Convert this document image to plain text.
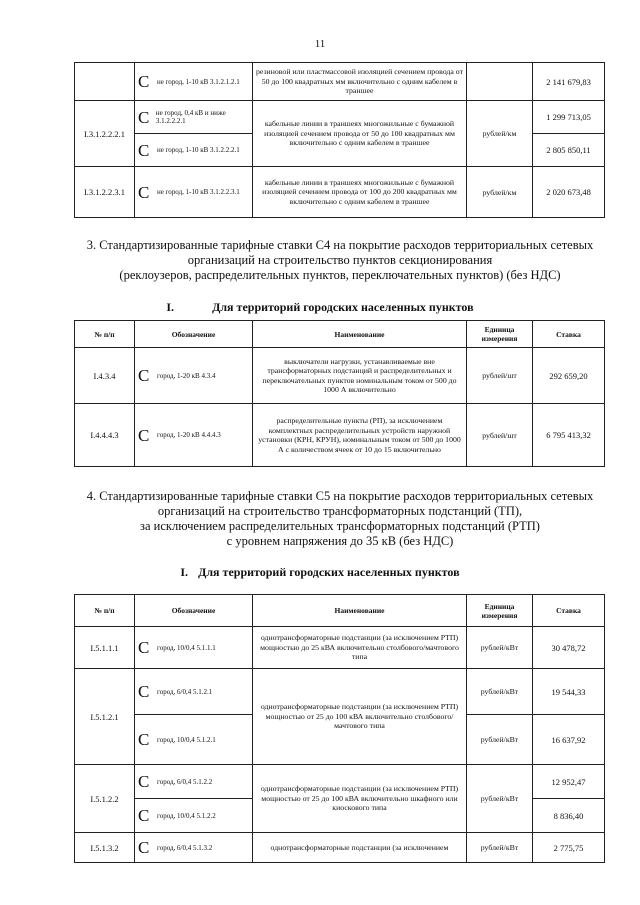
11

	C не город, 1-10 кВ 3.1.2.1.2.1	резиновой или пластмассовой изоляцией сечением провода от 50 до 100 квадратных мм включительно с одним кабелем в траншее		2 141 679,83
I.3.1.2.2.2.1	C не город, 0,4 кВ и ниже 3.1.2.2.2.1	кабельные линии в траншеях многожильные с бумажной изоляцией сечением провода от 50 до 100 квадратных мм включительно с одним кабелем в траншее	рублей/км	1 299 713,05

	C не город, 1-10 кВ 3.1.2.2.2.1			2 805 850,11
I.3.1.2.2.3.1	C не город, 1-10 кВ 3.1.2.2.3.1	кабельные линии в траншеях многожильные с бумажной изоляцией сечением провода от 100 до 200 квадратных мм включительно с одним кабелем в траншее	рублей/км	2 020 673,48
3. Стандартизированные тарифные ставки С4 на покрытие расходов территориальных сетевых
организаций на строительство пунктов секционирования
(реклоузеров, распределительных пунктов, переключательных пунктов) (без НДС)
I.	Для территорий городских населенных пунктов
№ п/п	Обозначение	Наименование	Единица измерения	Ставка
I.4.3.4	C город, 1-20 кВ 4.3.4	выключатели нагрузки, устанавливаемые вне трансформаторных подстанций и распределительных и переключательных пунктов номинальным током от 500 до 1000 А включительно	рублей/шт	292 659,20
I.4.4.4.3	C город, 1-20 кВ 4.4.4.3	распределительные пункты (РП), за исключением комплектных распределительных устройств наружной установки (КРН, КРУН), номинальным током от 500 до 1000 А с количеством ячеек от 10 до 15 включительно	рублей/шт	6 795 413,32
4. Стандартизированные тарифные ставки С5 на покрытие расходов территориальных сетевых
организаций на строительство трансформаторных подстанций (ТП),
за исключением распределительных трансформаторных подстанций (РТП)
с уровнем напряжения до 35 кВ (без НДС)
I. Для территорий городских населенных пунктов
№ п/п	Обозначение	Наименование	Единица измерения	Ставка
I.5.1.1.1	C город, 10/0,4 5.1.1.1	однотрансформаторные подстанции (за исключением РТП) мощностью до 25 кВА включительно столбового/мачтового типа	рублей/кВт	30 478,72
I.5.1.2.1	C город, 6/0,4 5.1.2.1	однотрансформаторные подстанции (за исключением РТП) мощностью от 25 до 100 кВА включительно столбового/мачтового типа	рублей/кВт	19 544,33

	C город, 10/0,4 5.1.2.1		рублей/кВт	16 637,92
I.5.1.2.2	C город, 6/0,4 5.1.2.2	однотрансформаторные подстанции (за исключением РТП) мощностью от 25 до 100 кВА включительно шкафного или киоскового типа	рублей/кВт	12 952,47

	C город, 10/0,4 5.1.2.2			8 836,40
I.5.1.3.2	C город, 6/0,4 5.1.3.2	однотрансформаторные подстанции (за исключением	рублей/кВт	2 775,75
